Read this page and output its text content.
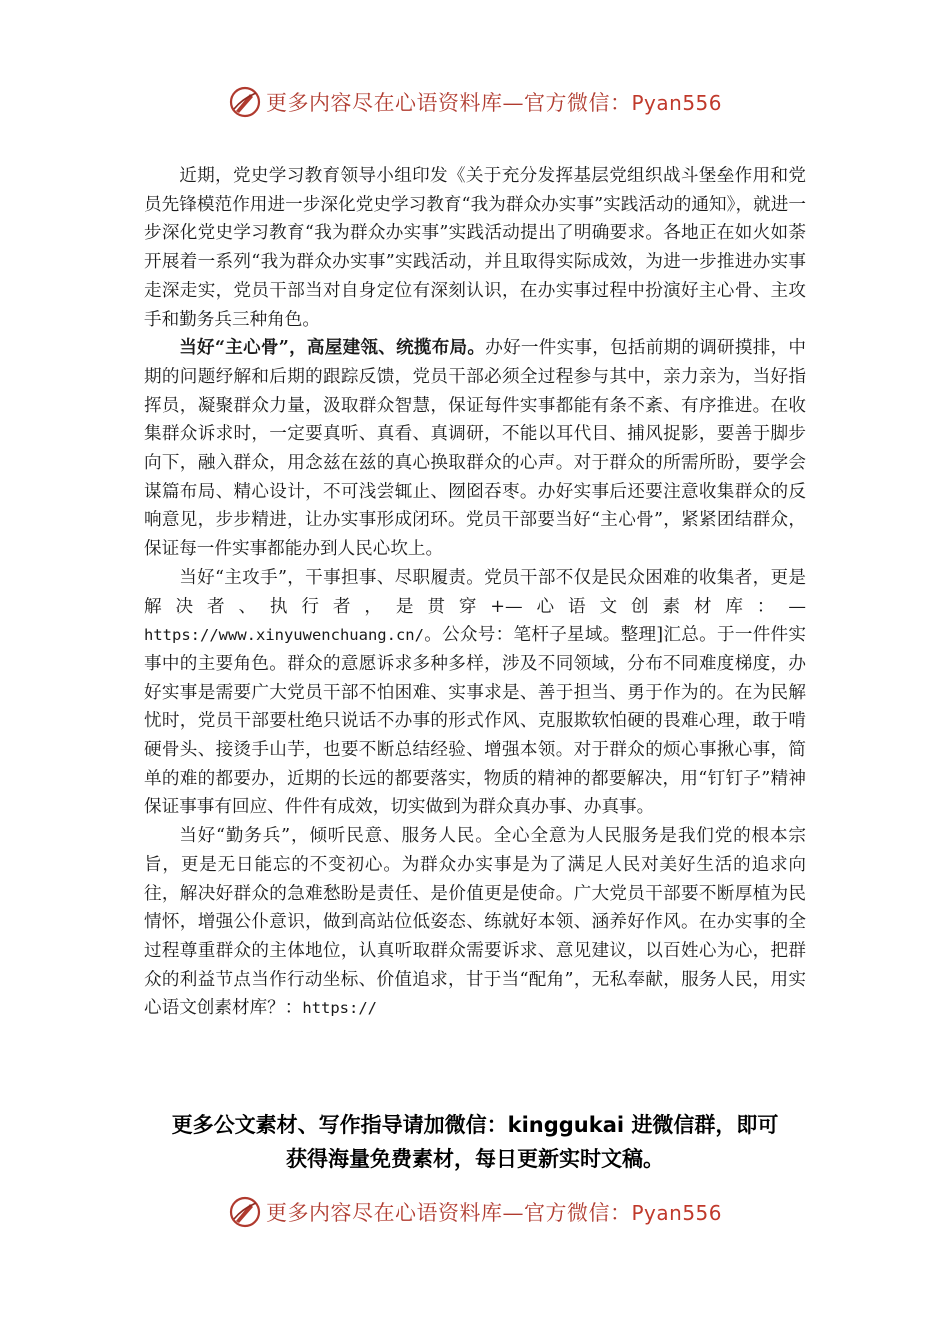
更多内容尽在心语资料库—官方微信：Pyan556

近期，党史学习教育领导小组印发《关于充分发挥基层党组织战斗堡垒作用和党员先锋模范作用进一步深化党史学习教育“我为群众办实事”实践活动的通知》，就进一步深化党史学习教育“我为群众办实事”实践活动提出了明确要求。各地正在如火如荼开展着一系列“我为群众办实事”实践活动，并且取得实际成效，为进一步推进办实事走深走实，党员干部当对自身定位有深刻认识，在办实事过程中扮演好主心骨、主攻手和勤务兵三种角色。

当好“主心骨”，高屋建瓴、统揽布局。办好一件实事，包括前期的调研摸排，中期的问题纾解和后期的跟踪反馈，党员干部必须全过程参与其中，亲力亲为，当好指挥员，凝聚群众力量，汲取群众智慧，保证每件实事都能有条不紊、有序推进。在收集群众诉求时，一定要真听、真看、真调研，不能以耳代目、捕风捉影，要善于脚步向下，融入群众，用念兹在兹的真心换取群众的心声。对于群众的所需所盼，要学会谋篇布局、精心设计，不可浅尝辄止、囫囵吞枣。办好实事后还要注意收集群众的反响意见，步步精进，让办实事形成闭环。党员干部要当好“主心骨”，紧紧团结群众，保证每一件实事都能办到人民心坎上。

当好“主攻手”，干事担事、尽职履责。党员干部不仅是民众困难的收集者，更是解决者、执行者，是贯穿+—心语文创素材库：—https://www.xinyuwenchuang.cn/。公众号：笔杆子星域。整理]汇总。于一件件实事中的主要角色。群众的意愿诉求多种多样，涉及不同领域，分布不同难度梯度，办好实事是需要广大党员干部不怕困难、实事求是、善于担当、勇于作为的。在为民解忧时，党员干部要杜绝只说话不办事的形式作风、克服欺软怕硬的畏难心理，敢于啃硬骨头、接烫手山芋，也要不断总结经验、增强本领。对于群众的烦心事揪心事，简单的难的都要办，近期的长远的都要落实，物质的精神的都要解决，用“钉钉子”精神保证事事有回应、件件有成效，切实做到为群众真办事、办真事。

当好“勤务兵”，倾听民意、服务人民。全心全意为人民服务是我们党的根本宗旨，更是无日能忘的不变初心。为群众办实事是为了满足人民对美好生活的追求向往，解决好群众的急难愁盼是责任、是价值更是使命。广大党员干部要不断厚植为民情怀，增强公仆意识，做到高站位低姿态、练就好本领、涵养好作风。在办实事的全过程尊重群众的主体地位，认真听取群众需要诉求、意见建议，以百姓心为心，把群众的利益节点当作行动坐标、价值追求，甘于当“配角”，无私奉献，服务人民，用实心语文创素材库？：https://

更多公文素材、写作指导请加微信：kinggukai 进微信群，即可
获得海量免费素材，每日更新实时文稿。
更多内容尽在心语资料库—官方微信：Pyan556
